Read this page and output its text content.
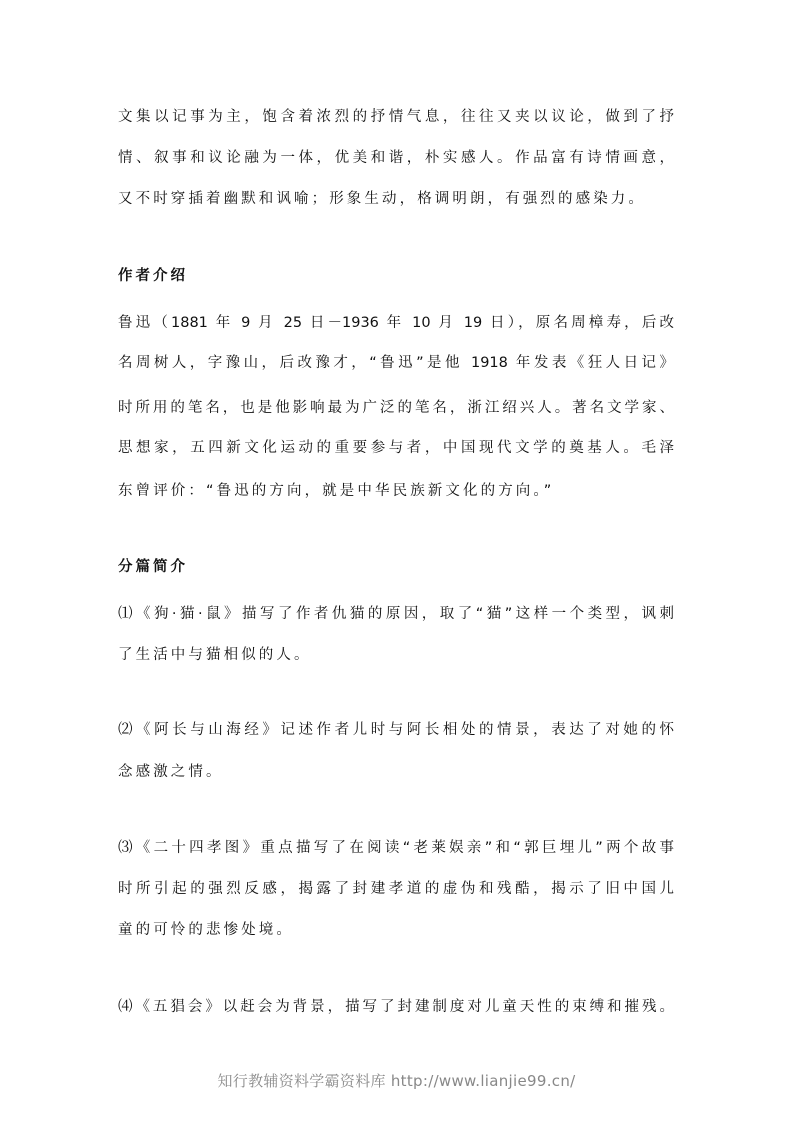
文集以记事为主，饱含着浓烈的抒情气息，往往又夹以议论，做到了抒
情、叙事和议论融为一体，优美和谐，朴实感人。作品富有诗情画意，
又不时穿插着幽默和讽喻；形象生动，格调明朗，有强烈的感染力。
作者介绍
鲁迅（1881 年 9 月 25 日－1936 年 10 月 19 日），原名周樟寿，后改
名周树人，字豫山，后改豫才，“鲁迅”是他 1918 年发表《狂人日记》
时所用的笔名，也是他影响最为广泛的笔名，浙江绍兴人。著名文学家、
思想家，五四新文化运动的重要参与者，中国现代文学的奠基人。毛泽
东曾评价：“鲁迅的方向，就是中华民族新文化的方向。”
分篇简介
⑴《狗·猫·鼠》描写了作者仇猫的原因，取了“猫”这样一个类型，讽刺
了生活中与猫相似的人。
⑵《阿长与山海经》记述作者儿时与阿长相处的情景，表达了对她的怀
念感激之情。
⑶《二十四孝图》重点描写了在阅读“老莱娱亲”和“郭巨埋儿”两个故事
时所引起的强烈反感，揭露了封建孝道的虚伪和残酷，揭示了旧中国儿
童的可怜的悲惨处境。
⑷《五猖会》以赶会为背景，描写了封建制度对儿童天性的束缚和摧残。
知行教辅资料学霸资料库 http://www.lianjie99.cn/
